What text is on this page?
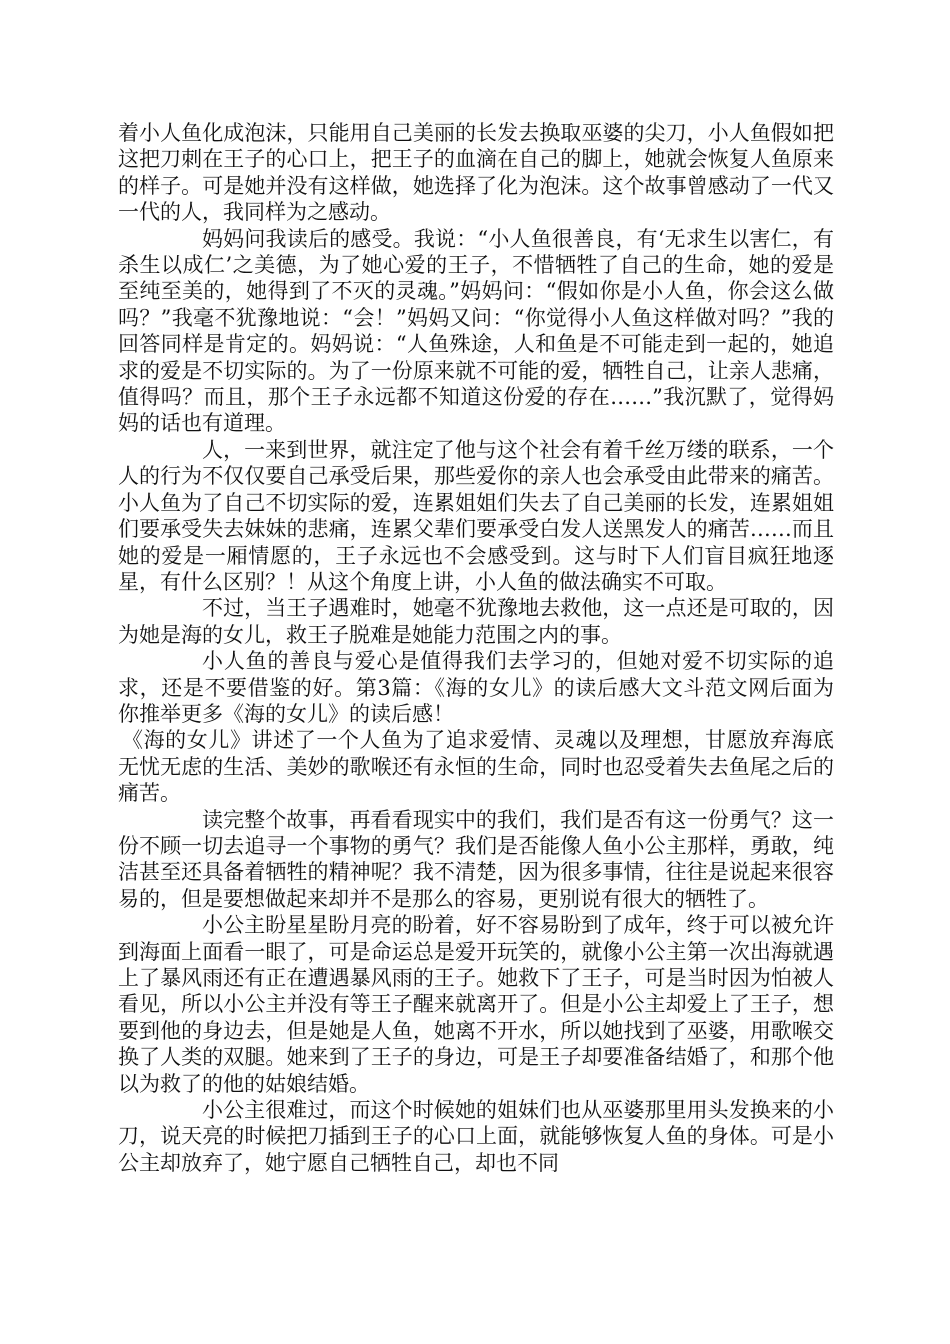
着小人鱼化成泡沫，只能用自己美丽的长发去换取巫婆的尖刀，小人鱼假如把这把刀刺在王子的心口上，把王子的血滴在自己的脚上，她就会恢复人鱼原来的样子。可是她并没有这样做，她选择了化为泡沫。这个故事曾感动了一代又一代的人，我同样为之感动。

妈妈问我读后的感受。我说：“小人鱼很善良，有‘无求生以害仁，有杀生以成仁’之美德，为了她心爱的王子，不惜牺牲了自己的生命，她的爱是至纯至美的，她得到了不灭的灵魂。”妈妈问：“假如你是小人鱼，你会这么做吗？”我毫不犹豫地说：“会！”妈妈又问：“你觉得小人鱼这样做对吗？”我的回答同样是肯定的。妈妈说：“人鱼殊途，人和鱼是不可能走到一起的，她追求的爱是不切实际的。为了一份原来就不可能的爱，牺牲自己，让亲人悲痛，值得吗？而且，那个王子永远都不知道这份爱的存在……”我沉默了，觉得妈妈的话也有道理。

人，一来到世界，就注定了他与这个社会有着千丝万缕的联系，一个人的行为不仅仅要自己承受后果，那些爱你的亲人也会承受由此带来的痛苦。小人鱼为了自己不切实际的爱，连累姐姐们失去了自己美丽的长发，连累姐姐们要承受失去妹妹的悲痛，连累父辈们要承受白发人送黑发人的痛苦……而且她的爱是一厢情愿的，王子永远也不会感受到。这与时下人们盲目疯狂地逐星，有什么区别？！从这个角度上讲，小人鱼的做法确实不可取。

不过，当王子遇难时，她毫不犹豫地去救他，这一点还是可取的，因为她是海的女儿，救王子脱难是她能力范围之内的事。

小人鱼的善良与爱心是值得我们去学习的，但她对爱不切实际的追求，还是不要借鉴的好。第3篇：《海的女儿》的读后感大文斗范文网后面为你推举更多《海的女儿》的读后感！

《海的女儿》讲述了一个人鱼为了追求爱情、灵魂以及理想，甘愿放弃海底无忧无虑的生活、美妙的歌喉还有永恒的生命，同时也忍受着失去鱼尾之后的痛苦。

读完整个故事，再看看现实中的我们，我们是否有这一份勇气？这一份不顾一切去追寻一个事物的勇气？我们是否能像人鱼小公主那样，勇敢，纯洁甚至还具备着牺牲的精神呢？我不清楚，因为很多事情，往往是说起来很容易的，但是要想做起来却并不是那么的容易，更别说有很大的牺牲了。

小公主盼星星盼月亮的盼着，好不容易盼到了成年，终于可以被允许到海面上面看一眼了，可是命运总是爱开玩笑的，就像小公主第一次出海就遇上了暴风雨还有正在遭遇暴风雨的王子。她救下了王子，可是当时因为怕被人看见，所以小公主并没有等王子醒来就离开了。但是小公主却爱上了王子，想要到他的身边去，但是她是人鱼，她离不开水，所以她找到了巫婆，用歌喉交换了人类的双腿。她来到了王子的身边，可是王子却要准备结婚了，和那个他以为救了的他的姑娘结婚。

小公主很难过，而这个时候她的姐妹们也从巫婆那里用头发换来的小刀，说天亮的时候把刀插到王子的心口上面，就能够恢复人鱼的身体。可是小公主却放弃了，她宁愿自己牺牲自己，却也不同
